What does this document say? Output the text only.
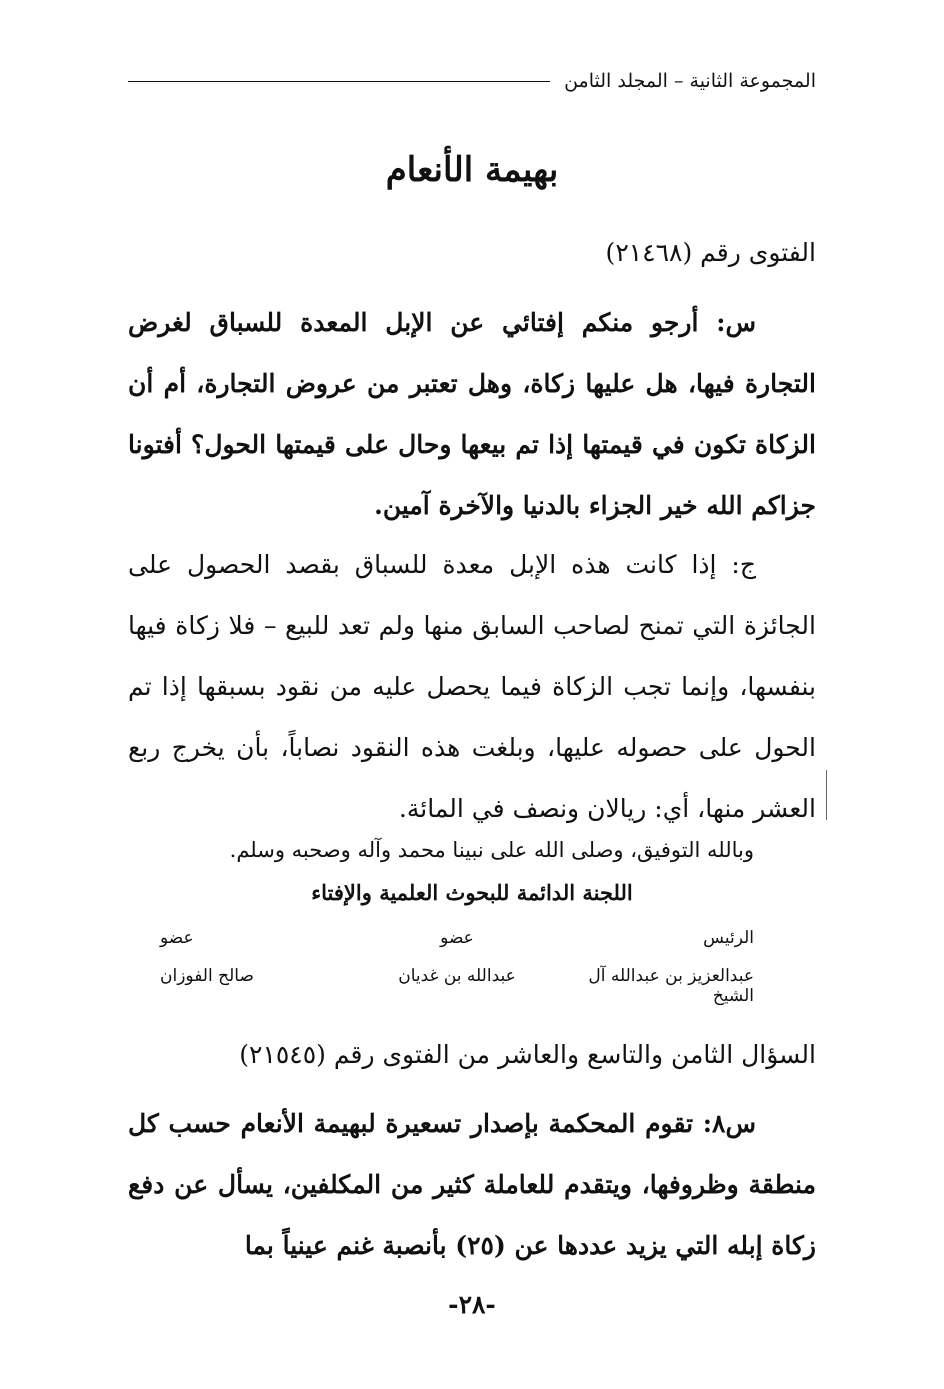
المجموعة الثانية – المجلد الثامن
بهيمة الأنعام
الفتوى رقم (٢١٤٦٨)
س: أرجو منكم إفتائي عن الإبل المعدة للسباق لغرض التجارة فيها، هل عليها زكاة، وهل تعتبر من عروض التجارة، أم أن الزكاة تكون في قيمتها إذا تم بيعها وحال على قيمتها الحول؟ أفتونا جزاكم الله خير الجزاء بالدنيا والآخرة آمين.
ج: إذا كانت هذه الإبل معدة للسباق بقصد الحصول على الجائزة التي تمنح لصاحب السابق منها ولم تعد للبيع – فلا زكاة فيها بنفسها، وإنما تجب الزكاة فيما يحصل عليه من نقود بسبقها إذا تم الحول على حصوله عليها، وبلغت هذه النقود نصاباً، بأن يخرج ربع العشر منها، أي: ريالان ونصف في المائة.
وبالله التوفيق، وصلى الله على نبينا محمد وآله وصحبه وسلم.
اللجنة الدائمة للبحوث العلمية والإفتاء
الرئيس
عضو
عضو
عبدالعزيز بن عبدالله آل الشيخ
عبدالله بن غديان
صالح الفوزان
السؤال الثامن والتاسع والعاشر من الفتوى رقم (٢١٥٤٥)
س٨: تقوم المحكمة بإصدار تسعيرة لبهيمة الأنعام حسب كل منطقة وظروفها، ويتقدم للعاملة كثير من المكلفين، يسأل عن دفع زكاة إبله التي يزيد عددها عن (٢٥) بأنصبة غنم عينياً بما
-٢٨-
